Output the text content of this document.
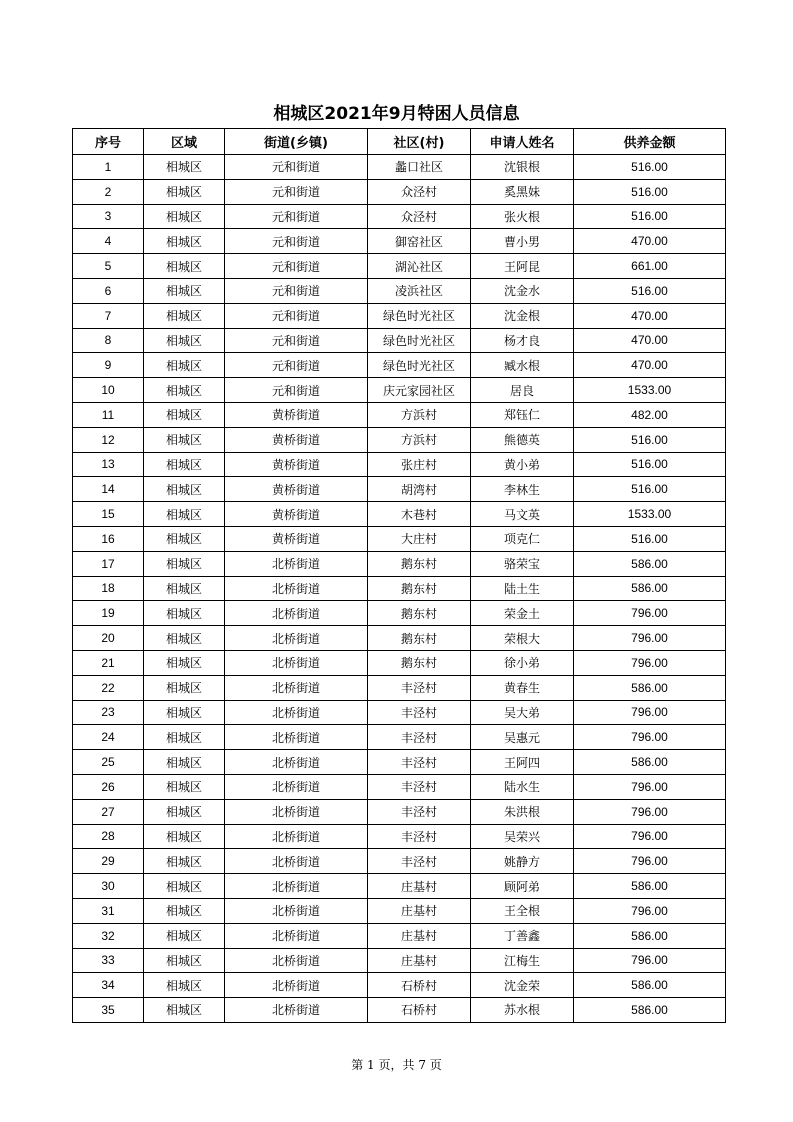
相城区2021年9月特困人员信息
序号	区域	街道(乡镇)	社区(村)	申请人姓名	供养金额
1	相城区	元和街道	蠡口社区	沈银根	516.00
2	相城区	元和街道	众泾村	奚黑妹	516.00
3	相城区	元和街道	众泾村	张火根	516.00
4	相城区	元和街道	御窑社区	曹小男	470.00
5	相城区	元和街道	湖沁社区	王阿昆	661.00
6	相城区	元和街道	凌浜社区	沈金水	516.00
7	相城区	元和街道	绿色时光社区	沈金根	470.00
8	相城区	元和街道	绿色时光社区	杨才良	470.00
9	相城区	元和街道	绿色时光社区	臧水根	470.00
10	相城区	元和街道	庆元家园社区	居良	1533.00
11	相城区	黄桥街道	方浜村	郑钰仁	482.00
12	相城区	黄桥街道	方浜村	熊德英	516.00
13	相城区	黄桥街道	张庄村	黄小弟	516.00
14	相城区	黄桥街道	胡湾村	李林生	516.00
15	相城区	黄桥街道	木巷村	马文英	1533.00
16	相城区	黄桥街道	大庄村	项克仁	516.00
17	相城区	北桥街道	鹅东村	骆荣宝	586.00
18	相城区	北桥街道	鹅东村	陆土生	586.00
19	相城区	北桥街道	鹅东村	荣金土	796.00
20	相城区	北桥街道	鹅东村	荣根大	796.00
21	相城区	北桥街道	鹅东村	徐小弟	796.00
22	相城区	北桥街道	丰泾村	黄春生	586.00
23	相城区	北桥街道	丰泾村	吴大弟	796.00
24	相城区	北桥街道	丰泾村	吴惠元	796.00
25	相城区	北桥街道	丰泾村	王阿四	586.00
26	相城区	北桥街道	丰泾村	陆水生	796.00
27	相城区	北桥街道	丰泾村	朱洪根	796.00
28	相城区	北桥街道	丰泾村	吴荣兴	796.00
29	相城区	北桥街道	丰泾村	姚静方	796.00
30	相城区	北桥街道	庄基村	顾阿弟	586.00
31	相城区	北桥街道	庄基村	王全根	796.00
32	相城区	北桥街道	庄基村	丁善鑫	586.00
33	相城区	北桥街道	庄基村	江梅生	796.00
34	相城区	北桥街道	石桥村	沈金荣	586.00
35	相城区	北桥街道	石桥村	苏水根	586.00
第 1 页，共 7 页
